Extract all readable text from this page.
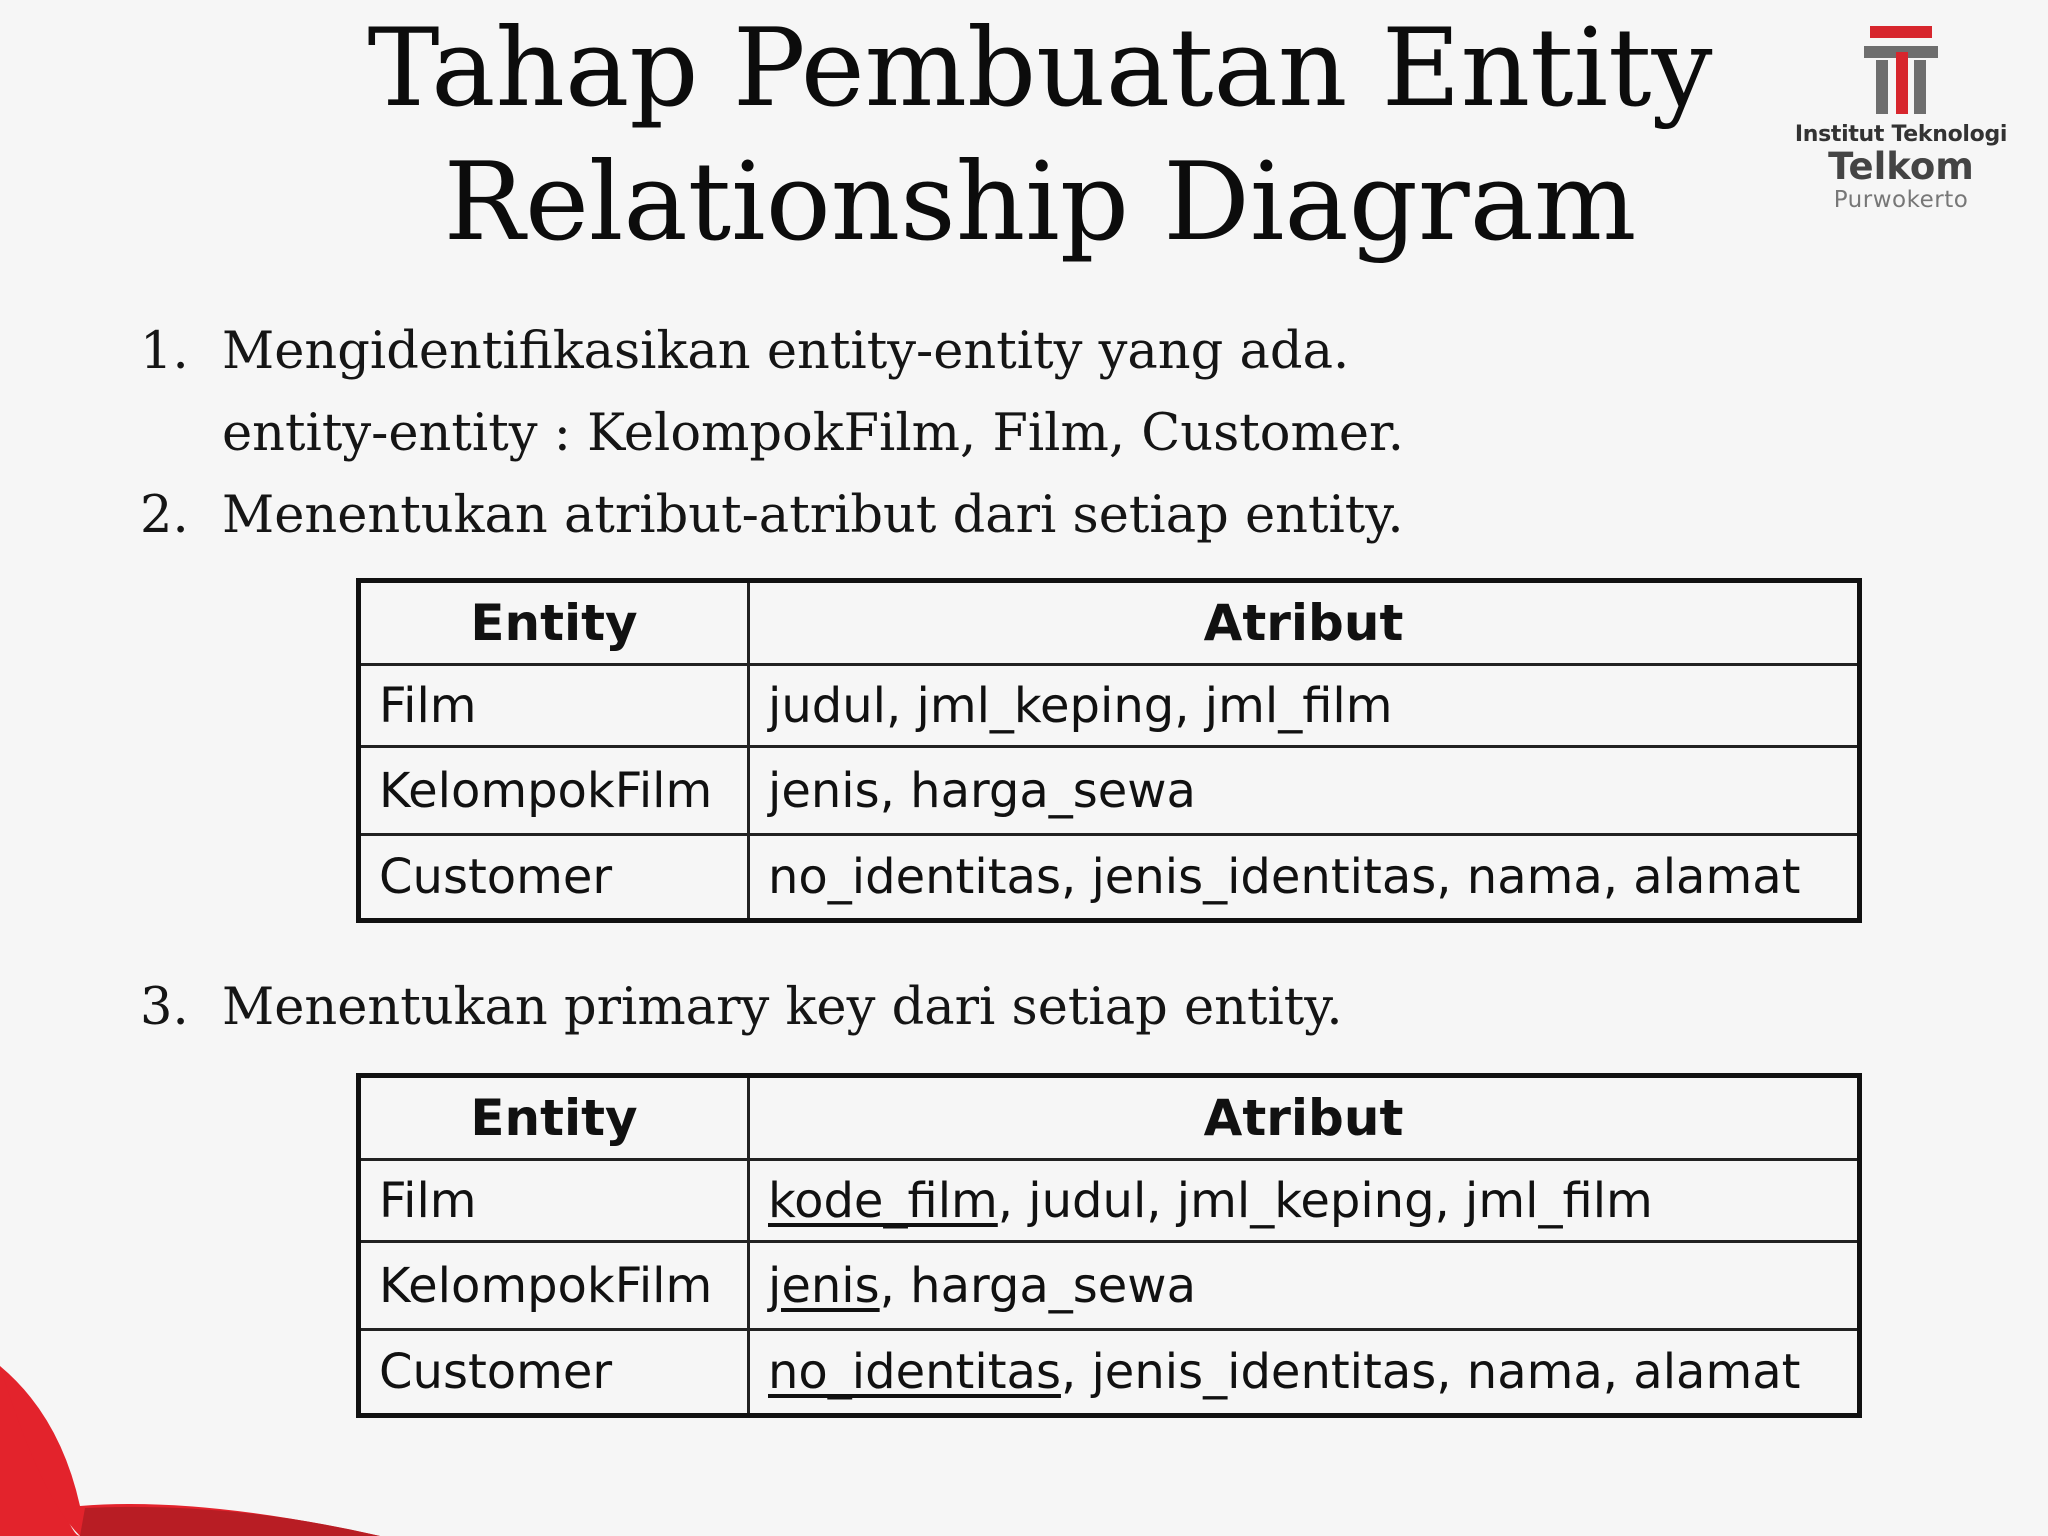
Tahap Pembuatan Entity
Relationship Diagram
Institut Teknologi
Telkom
Purwokerto
1. Mengidentifikasikan entity-entity yang ada.
entity-entity : KelompokFilm, Film, Customer.
2. Menentukan atribut-atribut dari setiap entity.
Entity	Atribut
Film	judul, jml_keping, jml_film
KelompokFilm	jenis, harga_sewa
Customer	no_identitas, jenis_identitas, nama, alamat
3. Menentukan primary key dari setiap entity.
Entity	Atribut
Film	kode_film, judul, jml_keping, jml_film
KelompokFilm	jenis, harga_sewa
Customer	no_identitas, jenis_identitas, nama, alamat
